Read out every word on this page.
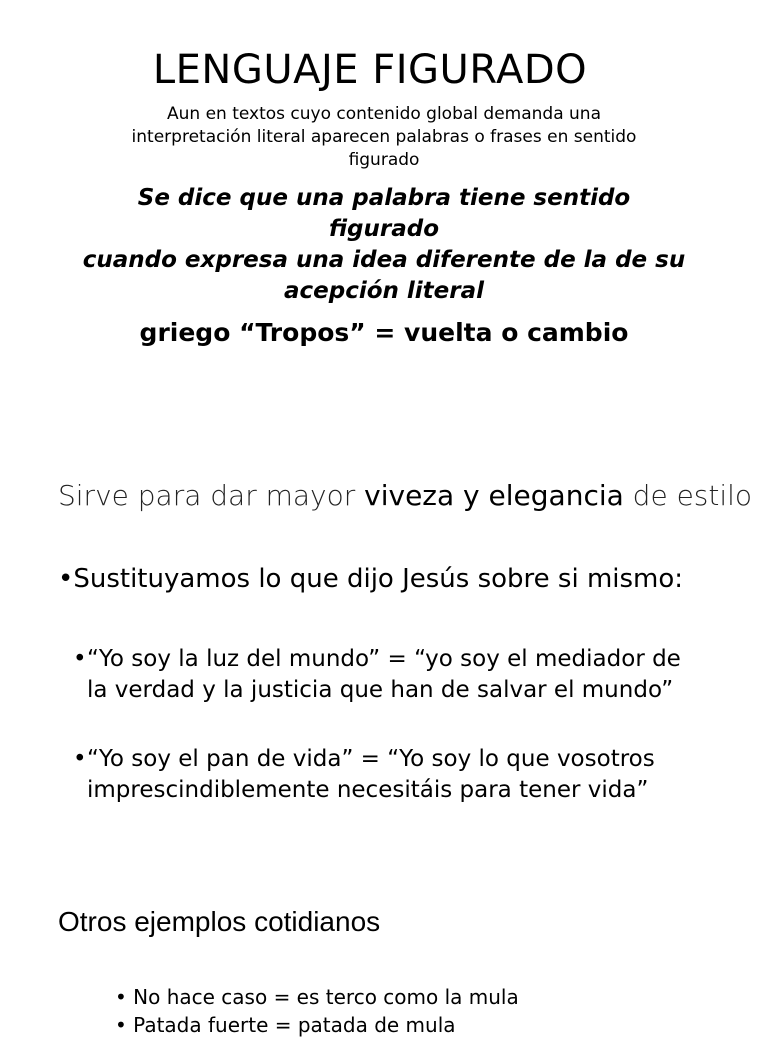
LENGUAJE FIGURADO
Aun en textos cuyo contenido global demanda una
interpretación literal aparecen palabras o frases en sentido
figurado
Se dice que una palabra tiene sentido figurado
cuando expresa una idea diferente de la de su
acepción literal
griego “Tropos” = vuelta o cambio
Sirve para dar mayor viveza y elegancia de estilo
•Sustituyamos lo que dijo Jesús sobre si mismo:
•“Yo soy la luz del mundo” = “yo soy el mediador de
la verdad y la justicia que han de salvar el mundo”
•“Yo soy el pan de vida” = “Yo soy lo que vosotros
imprescindiblemente necesitáis para tener vida”
Otros ejemplos cotidianos
• No hace caso = es terco como la mula
• Patada fuerte = patada de mula
